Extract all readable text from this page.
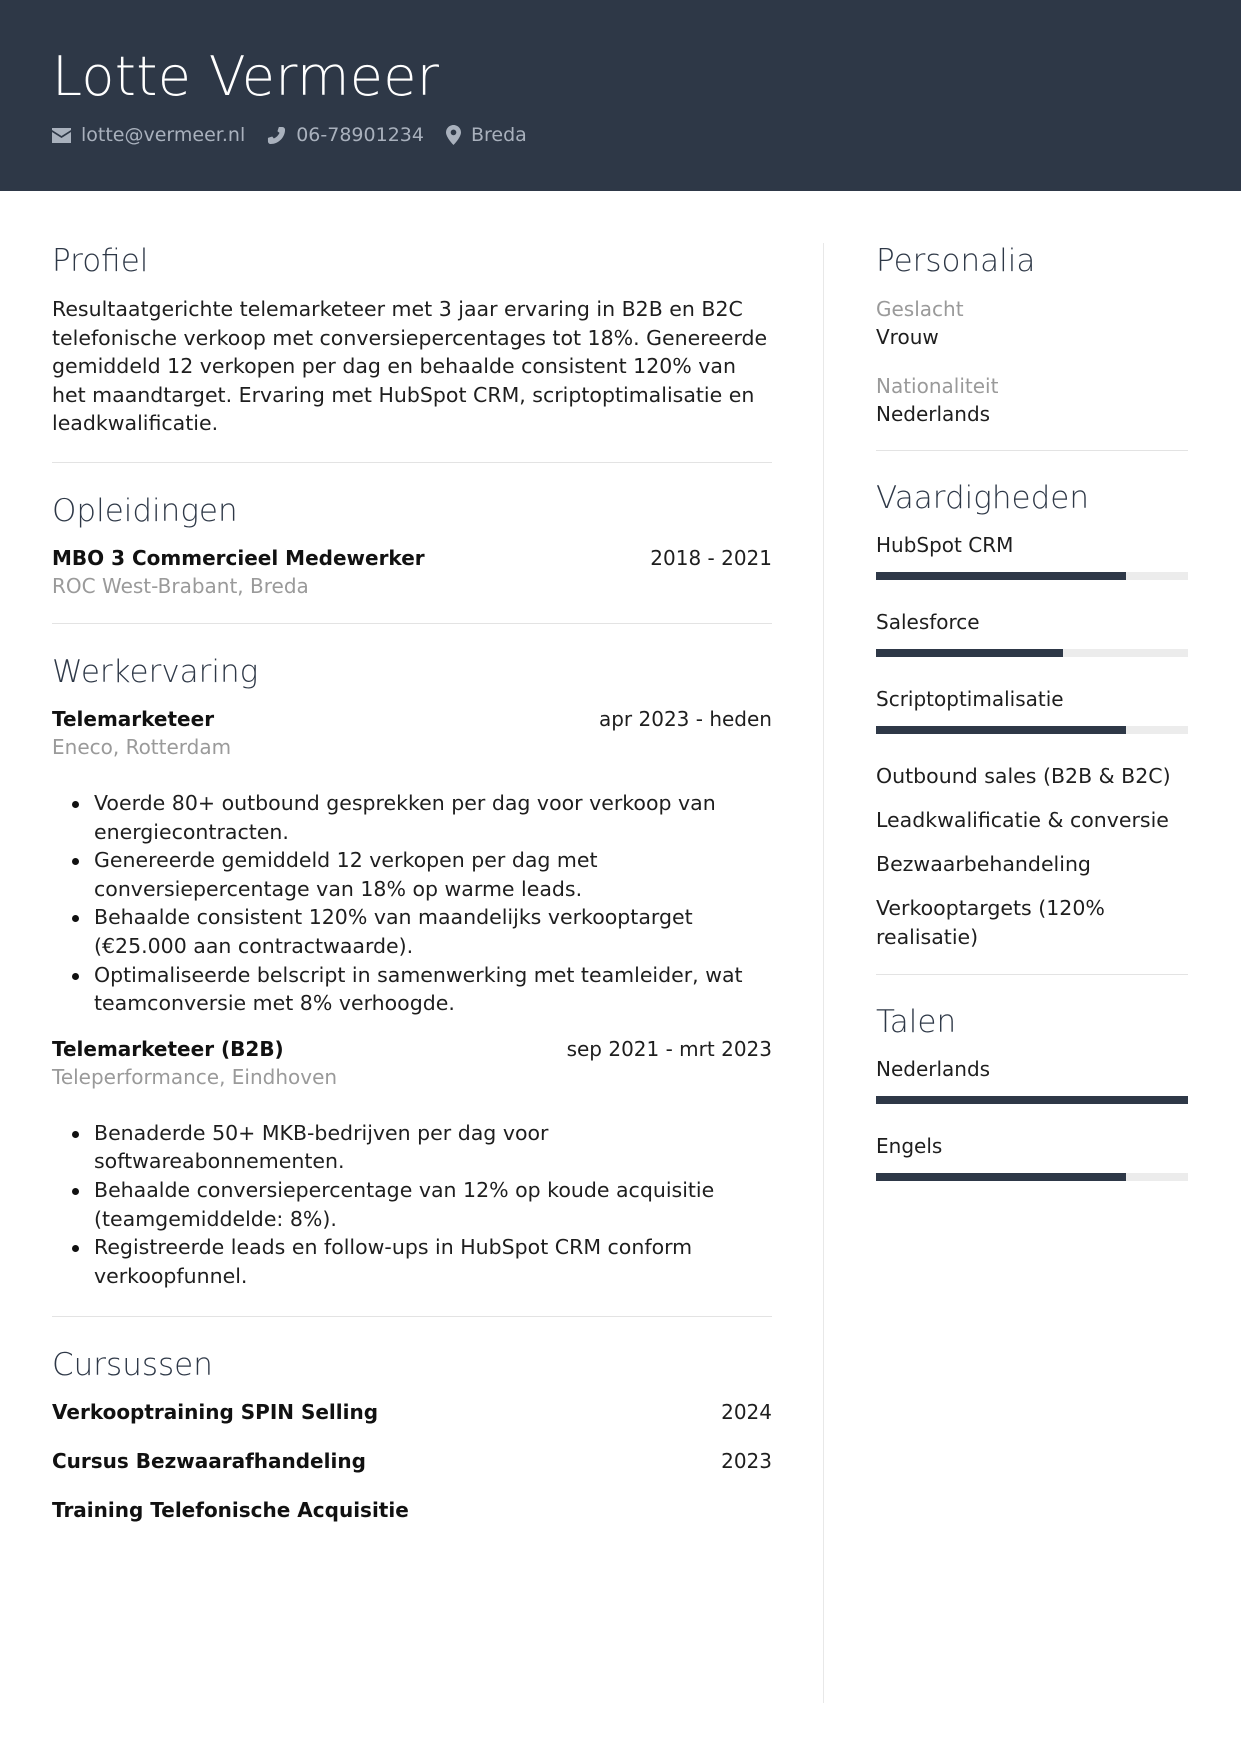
Lotte Vermeer
lotte@vermeer.nl	06-78901234 Breda
Profiel
Resultaatgerichte telemarketeer met 3 jaar ervaring in B2B en B2C telefonische verkoop met conversiepercentages tot 18%. Genereerde gemiddeld 12 verkopen per dag en behaalde consistent 120% van het maandtarget. Ervaring met HubSpot CRM, scriptoptimalisatie en leadkwalificatie.
Opleidingen
MBO 3 Commercieel Medewerker	2018 - 2021
ROC West-Brabant, Breda
Werkervaring
Telemarketeer	apr 2023 - heden
Eneco, Rotterdam
Voerde 80+ outbound gesprekken per dag voor verkoop van energiecontracten.
Genereerde gemiddeld 12 verkopen per dag met conversiepercentage van 18% op warme leads.
Behaalde consistent 120% van maandelijks verkooptarget (€25.000 aan contractwaarde).
Optimaliseerde belscript in samenwerking met teamleider, wat teamconversie met 8% verhoogde.
Telemarketeer (B2B)	sep 2021 - mrt 2023
Teleperformance, Eindhoven
Benaderde 50+ MKB-bedrijven per dag voor softwareabonnementen.
Behaalde conversiepercentage van 12% op koude acquisitie (teamgemiddelde: 8%).
Registreerde leads en follow-ups in HubSpot CRM conform verkoopfunnel.
Cursussen
Verkooptraining SPIN Selling	2024
Cursus Bezwaarafhandeling	2023
Training Telefonische Acquisitie
Personalia
Geslacht
Vrouw
Nationaliteit
Nederlands
Vaardigheden
HubSpot CRM
Salesforce
Scriptoptimalisatie
Outbound sales (B2B & B2C)
Leadkwalificatie & conversie
Bezwaarbehandeling
Verkooptargets (120% realisatie)
Talen
Nederlands
Engels
